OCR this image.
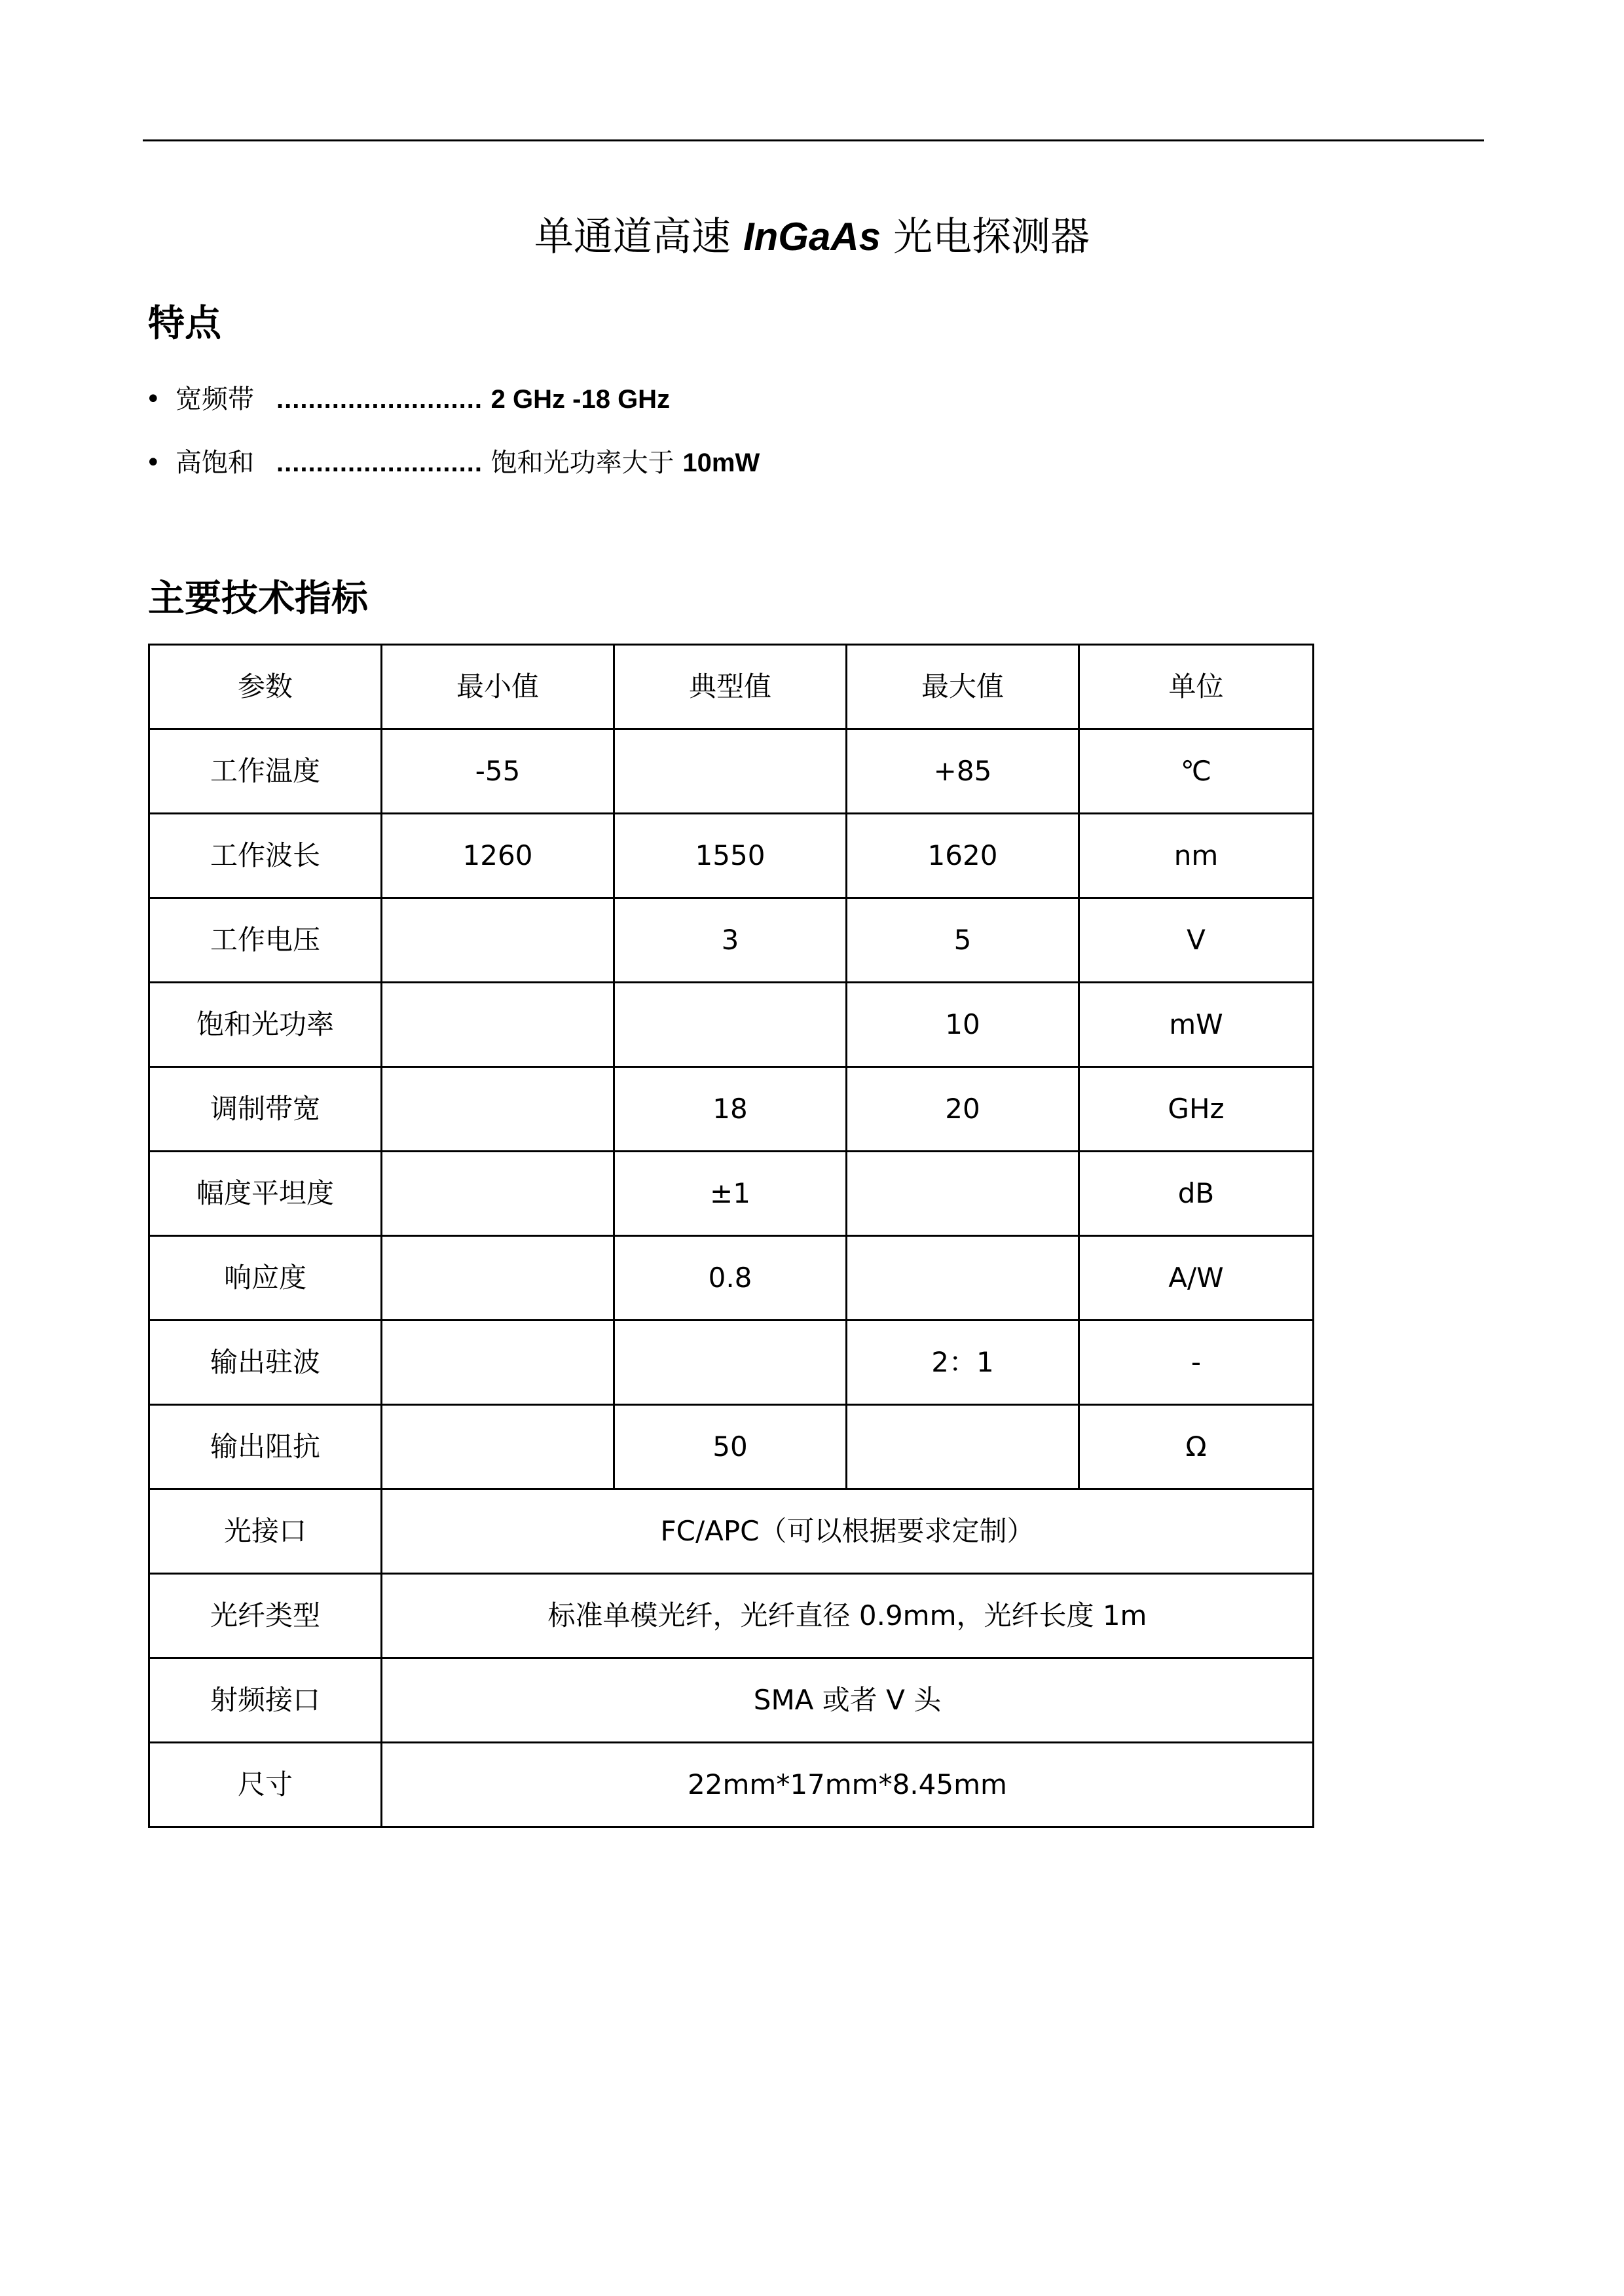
单通道高速 InGaAs 光电探测器
特点
• 宽频带 .......................... 2 GHz -18 GHz
• 高饱和 .......................... 饱和光功率大于 10mW
主要技术指标
参数	最小值	典型值	最大值	单位
工作温度	-55		+85	℃
工作波长	1260	1550	1620	nm
工作电压		3	5	V
饱和光功率			10	mW
调制带宽		18	20	GHz
幅度平坦度		±1		dB
响应度		0.8		A/W
输出驻波			2：1	-
输出阻抗		50		Ω
光接口	FC/APC（可以根据要求定制）			
光纤类型	标准单模光纤，光纤直径 0.9mm，光纤长度 1m			
射频接口	SMA 或者 V 头			
尺寸	22mm*17mm*8.45mm			
